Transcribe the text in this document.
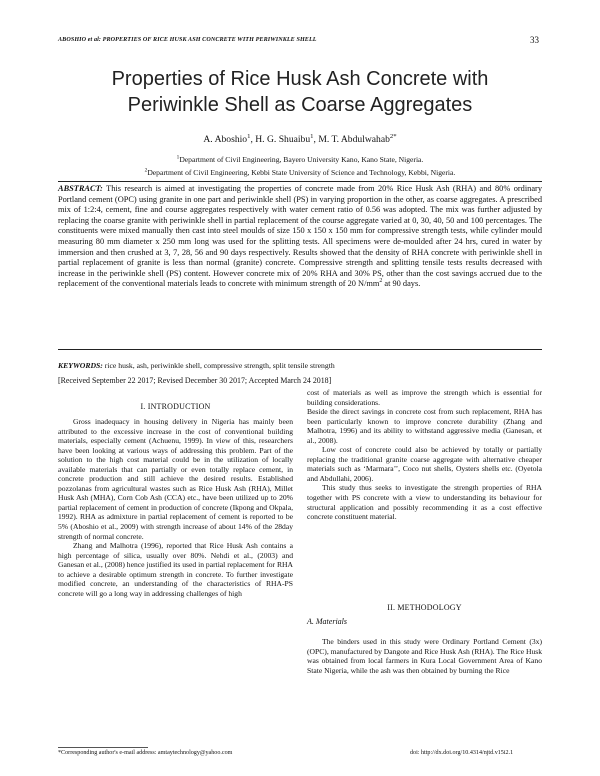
ABOSHIO et al: PROPERTIES OF RICE HUSK ASH CONCRETE WITH PERIWINKLE SHELL	33
Properties of Rice Husk Ash Concrete with
Periwinkle Shell as Coarse Aggregates
A. Aboshio$^1$, H. G. Shuaibu$^1$, M. T. Abdulwahab$^{2*}$
$^1$Department of Civil Engineering, Bayero University Kano, Kano State, Nigeria.
$^2$Department of Civil Engineering, Kebbi State University of Science and Technology, Kebbi, Nigeria.
ABSTRACT: This research is aimed at investigating the properties of concrete made from 20% Rice Husk Ash (RHA) and 80% ordinary Portland cement (OPC) using granite in one part and periwinkle shell (PS) in varying proportion in the other, as coarse aggregates. A prescribed mix of 1:2:4, cement, fine and course aggregates respectively with water cement ratio of 0.56 was adopted. The mix was further adjusted by replacing the coarse granite with periwinkle shell in partial replacement of the course aggregate varied at 0, 30, 40, 50 and 100 percentages. The constituents were mixed manually then cast into steel moulds of size 150 x 150 x 150 mm for compressive strength tests, while cylinder mould measuring 80 mm diameter x 250 mm long was used for the splitting tests. All specimens were de-moulded after 24 hrs, cured in water by immersion and then crushed at 3, 7, 28, 56 and 90 days respectively. Results showed that the density of RHA concrete with periwinkle shell in partial replacement of granite is less than normal (granite) concrete. Compressive strength and splitting tensile tests results decreased with increase in the periwinkle shell (PS) content. However concrete mix of 20% RHA and 30% PS, other than the cost savings accrued due to the replacement of the conventional materials leads to concrete with minimum strength of 20 $N/mm^2$ at 90 days.
KEYWORDS: rice husk, ash, periwinkle shell, compressive strength, split tensile strength
[Received September 22 2017; Revised December 30 2017; Accepted March 24 2018]
I. INTRODUCTION

Gross inadequacy in housing delivery in Nigeria has mainly been attributed to the excessive increase in the cost of conventional building materials, especially cement (Achuenu, 1999). In view of this, researchers have been looking at various ways of addressing this problem. Part of the solution to the high cost material could be in the utilization of locally available materials that can partially or even totally replace cement, in concrete production and still achieve the desired results. Established pozzolanas from agricultural wastes such as Rice Husk Ash (RHA), Millet Husk Ash (MHA), Corn Cob Ash (CCA) etc., have been utilized up to 20% partial replacement of cement in production of concrete (Ikpong and Okpala, 1992). RHA as admixture in partial replacement of cement is reported to be 5% (Aboshio et al., 2009) with strength increase of about 14% of the 28day strength of normal concrete.

Zhang and Malhotra (1996), reported that Rice Husk Ash contains a high percentage of silica, usually over 80%. Nehdi et al., (2003) and Ganesan et al., (2008) hence justified its used in partial replacement for RHA to achieve a desirable optimum strength in concrete. To further investigate modified concrete, an understanding of the characteristics of RHA-PS concrete will go a long way in addressing challenges of high

cost of materials as well as improve the strength which is essential for building considerations.

Beside the direct savings in concrete cost from such replacement, RHA has been particularly known to improve concrete durability (Zhang and Malhotra, 1996) and its ability to withstand aggressive media (Ganesan, et al., 2008).

Low cost of concrete could also be achieved by totally or partially replacing the traditional granite coarse aggregate with alternative cheaper materials such as ‘Marmara’’, Coco nut shells, Oysters shells etc. (Oyetola and Abdullahi, 2006).

This study thus seeks to investigate the strength properties of RHA together with PS concrete with a view to understanding its behaviour for structural application and possibly recommending it as a cost effective concrete constituent material.

II. METHODOLOGY
A. Materials

The binders used in this study were Ordinary Portland Cement (3x) (OPC), manufactured by Dangote and Rice Husk Ash (RHA). The Rice Husk was obtained from local farmers in Kura Local Government Area of Kano State Nigeria, while the ash was then obtained by burning the Rice

*Corresponding author's e-mail address: amtaytechnology@yahoo.com	doi: http://dx.doi.org/10.4314/njtd.v15i2.1
